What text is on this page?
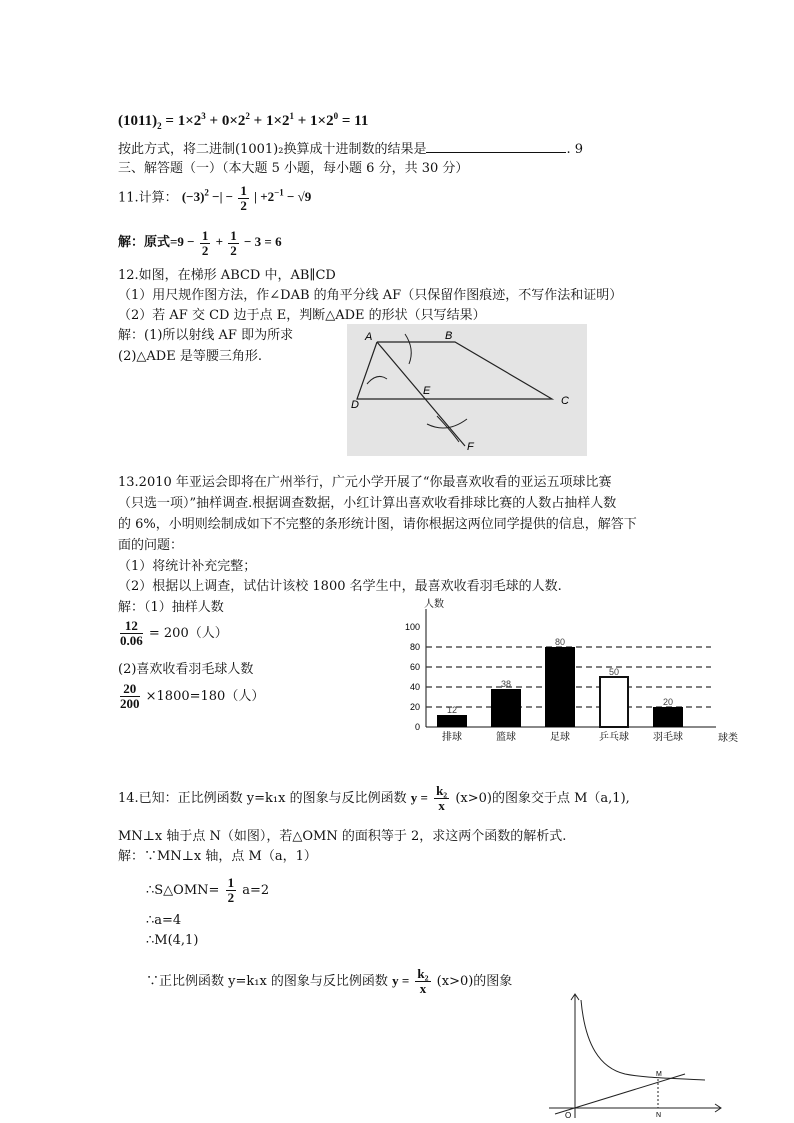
$(1011)_2 = 1\times 2^3 + 0\times 2^2 + 1\times 2^1 + 1\times 2^0 = 11$
按此方式，将二进制(1001)₂换算成十进制数的结果是	. 9
三、解答题（一）（本大题 5 小题，每小题 6 分，共 30 分）
11.计算： $(-3)^2$ −| − $\frac{1}{2}$ | $+2^{-1} - √9$
解：原式$=9 - \frac{1}{2} + \frac{1}{2} - 3 = 6$
12.如图，在梯形 ABCD 中，AB∥CD
（1）用尺规作图方法，作∠DAB 的角平分线 AF（只保留作图痕迹，不写作法和证明）
（2）若 AF 交 CD 边于点 E，判断△ADE 的形状（只写结果）
解：(1)所以射线 AF 即为所求
(2)△ADE 是等腰三角形.
A	B
C
D
E
F
13.2010 年亚运会即将在广州举行，广元小学开展了“你最喜欢收看的亚运五项球比赛
（只选一项）”抽样调查.根据调查数据，小红计算出喜欢收看排球比赛的人数占抽样人数
的 6%，小明则绘制成如下不完整的条形统计图，请你根据这两位同学提供的信息，解答下
面的问题：
（1）将统计补充完整；
（2）根据以上调查，试估计该校 1800 名学生中，最喜欢收看羽毛球的人数.
解：（1）抽样人数
$\frac{12}{0.06} = 200$（人）
(2)喜欢收看羽毛球人数
$\frac{20}{200} \times 1800=180$（人）
人数
球类
0
20
40
60
80
100
12
排球
38
篮球
80
足球
50
乒乓球
20
羽毛球
14.已知：正比例函数 y=k₁x 的图象与反比例函数 $y = \frac{\text{k₂}}{x} (x>0)$的图象交于点 M（a,1),
MN⊥x 轴于点 N（如图），若△OMN 的面积等于 2，求这两个函数的解析式.
解：∵MN⊥x 轴，点 M（a，1）
∴S△OMN= $\frac{1}{2} a=2$
∴a=4
∴M(4,1)
∵正比例函数 y=k₁x 的图象与反比例函数 $y = \frac{\text{k₂}}{x} (x>0)$的图象
O
M
N
